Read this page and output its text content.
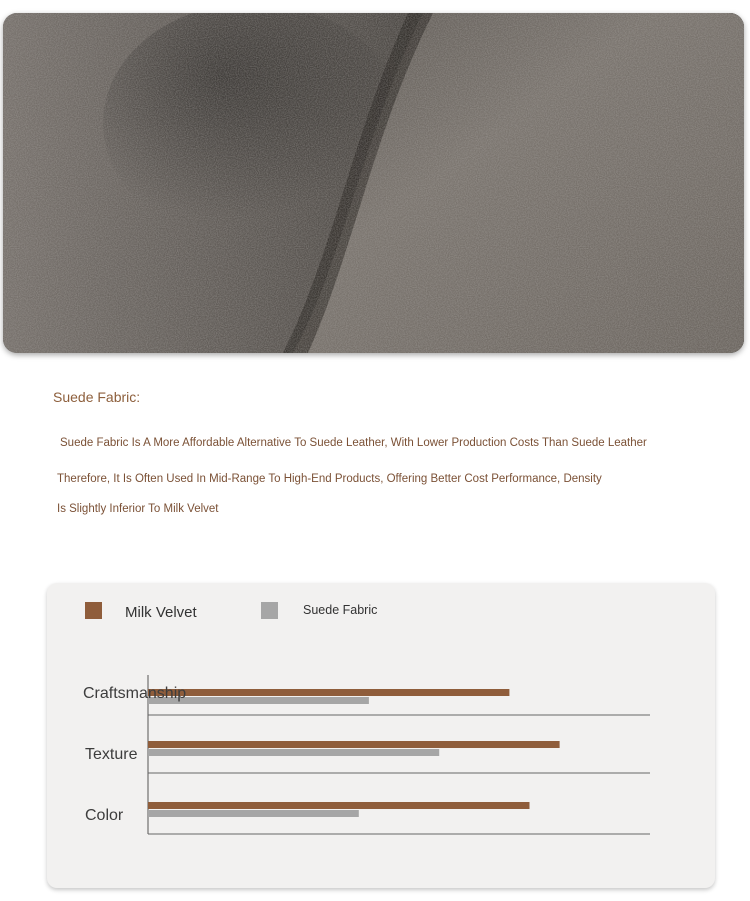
Suede Fabric:
Suede Fabric Is A More Affordable Alternative To Suede Leather, With Lower Production Costs Than Suede Leather
Therefore, It Is Often Used In Mid-Range To High-End Products, Offering Better Cost Performance, Density
Is Slightly Inferior To Milk Velvet
Milk Velvet	Suede Fabric
Craftsmanship
Texture
Color
